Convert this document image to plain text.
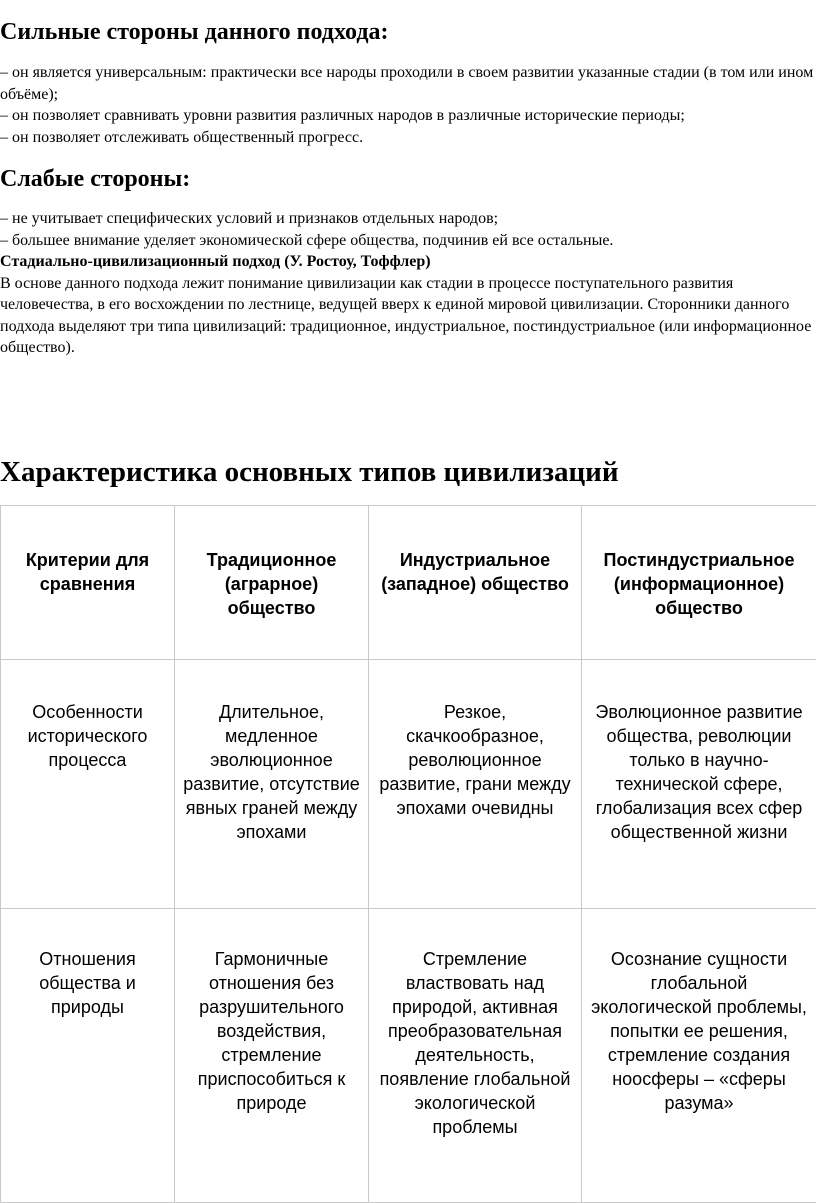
Сильные стороны данного подхода:

– он является универсальным: практически все народы проходили в своем развитии указанные стадии (в том или ином объёме);

– он позволяет сравнивать уровни развития различных народов в различные исторические периоды;

– он позволяет отслеживать общественный прогресс.

Слабые стороны:

– не учитывает специфических условий и признаков отдельных народов;

– большее внимание уделяет экономической сфере общества, подчинив ей все остальные.

Стадиально-цивилизационный подход (У. Ростоу, Тоффлер)

В основе данного подхода лежит понимание цивилизации как стадии в процессе поступательного развития человечества, в его восхождении по лестнице, ведущей вверх к единой мировой цивилизации. Сторонники данного подхода выделяют три типа цивилизаций: традиционное, индустриальное, постиндустриальное (или информационное общество).

Характеристика основных типов цивилизаций
Критерии для сравнения	Традиционное (аграрное) общество	Индустриальное (западное) общество	Постиндустриальное (информационное) общество
Особенности исторического процесса	Длительное, медленное эволюционное развитие, отсутствие явных граней между эпохами	Резкое, скачкообразное, революционное развитие, грани между эпохами очевидны	Эволюционное развитие общества, революции только в научно-технической сфере, глобализация всех сфер общественной жизни
Отношения общества и природы	Гармоничные отношения без разрушительного воздействия, стремление приспособиться к природе	Стремление властвовать над природой, активная преобразовательная деятельность, появление глобальной экологической проблемы	Осознание сущности глобальной экологической проблемы, попытки ее решения, стремление создания ноосферы – «сферы разума»
